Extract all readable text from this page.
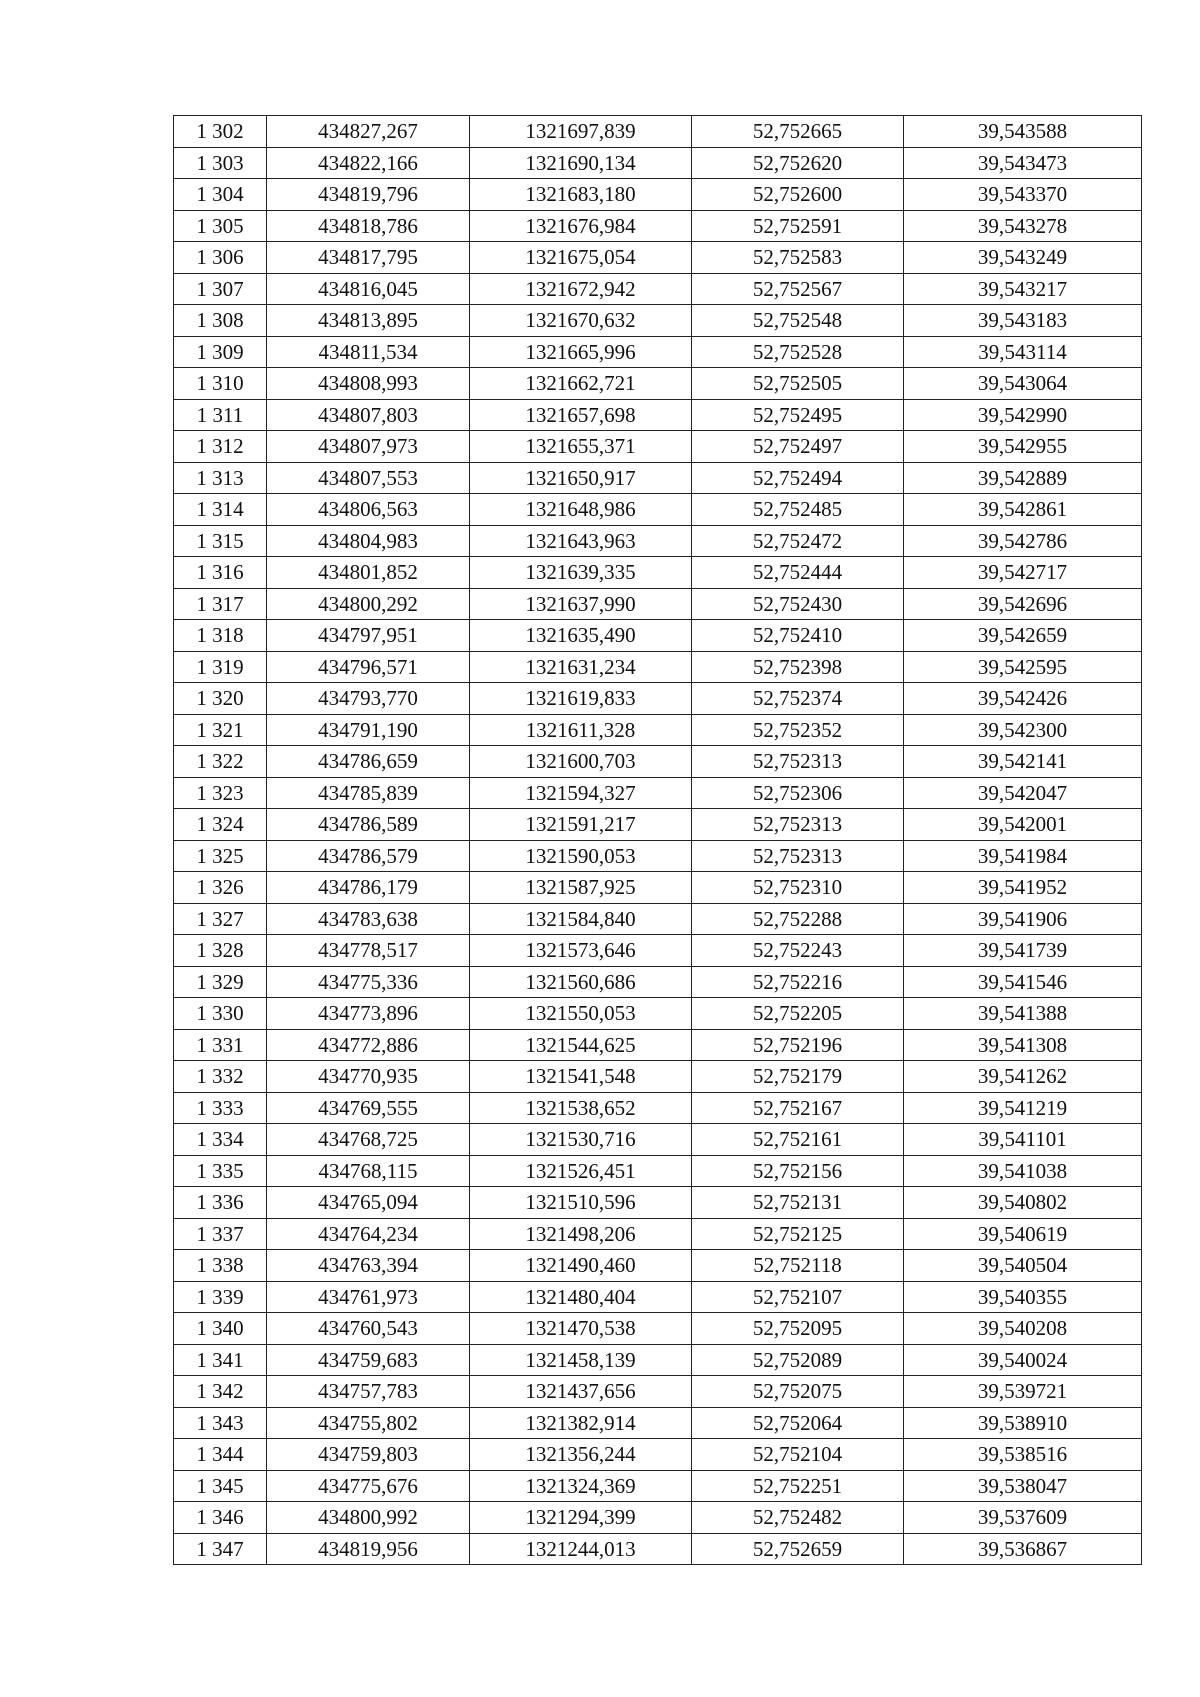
1 302	434827,267	1321697,839	52,752665	39,543588
1 303	434822,166	1321690,134	52,752620	39,543473
1 304	434819,796	1321683,180	52,752600	39,543370
1 305	434818,786	1321676,984	52,752591	39,543278
1 306	434817,795	1321675,054	52,752583	39,543249
1 307	434816,045	1321672,942	52,752567	39,543217
1 308	434813,895	1321670,632	52,752548	39,543183
1 309	434811,534	1321665,996	52,752528	39,543114
1 310	434808,993	1321662,721	52,752505	39,543064
1 311	434807,803	1321657,698	52,752495	39,542990
1 312	434807,973	1321655,371	52,752497	39,542955
1 313	434807,553	1321650,917	52,752494	39,542889
1 314	434806,563	1321648,986	52,752485	39,542861
1 315	434804,983	1321643,963	52,752472	39,542786
1 316	434801,852	1321639,335	52,752444	39,542717
1 317	434800,292	1321637,990	52,752430	39,542696
1 318	434797,951	1321635,490	52,752410	39,542659
1 319	434796,571	1321631,234	52,752398	39,542595
1 320	434793,770	1321619,833	52,752374	39,542426
1 321	434791,190	1321611,328	52,752352	39,542300
1 322	434786,659	1321600,703	52,752313	39,542141
1 323	434785,839	1321594,327	52,752306	39,542047
1 324	434786,589	1321591,217	52,752313	39,542001
1 325	434786,579	1321590,053	52,752313	39,541984
1 326	434786,179	1321587,925	52,752310	39,541952
1 327	434783,638	1321584,840	52,752288	39,541906
1 328	434778,517	1321573,646	52,752243	39,541739
1 329	434775,336	1321560,686	52,752216	39,541546
1 330	434773,896	1321550,053	52,752205	39,541388
1 331	434772,886	1321544,625	52,752196	39,541308
1 332	434770,935	1321541,548	52,752179	39,541262
1 333	434769,555	1321538,652	52,752167	39,541219
1 334	434768,725	1321530,716	52,752161	39,541101
1 335	434768,115	1321526,451	52,752156	39,541038
1 336	434765,094	1321510,596	52,752131	39,540802
1 337	434764,234	1321498,206	52,752125	39,540619
1 338	434763,394	1321490,460	52,752118	39,540504
1 339	434761,973	1321480,404	52,752107	39,540355
1 340	434760,543	1321470,538	52,752095	39,540208
1 341	434759,683	1321458,139	52,752089	39,540024
1 342	434757,783	1321437,656	52,752075	39,539721
1 343	434755,802	1321382,914	52,752064	39,538910
1 344	434759,803	1321356,244	52,752104	39,538516
1 345	434775,676	1321324,369	52,752251	39,538047
1 346	434800,992	1321294,399	52,752482	39,537609
1 347	434819,956	1321244,013	52,752659	39,536867
